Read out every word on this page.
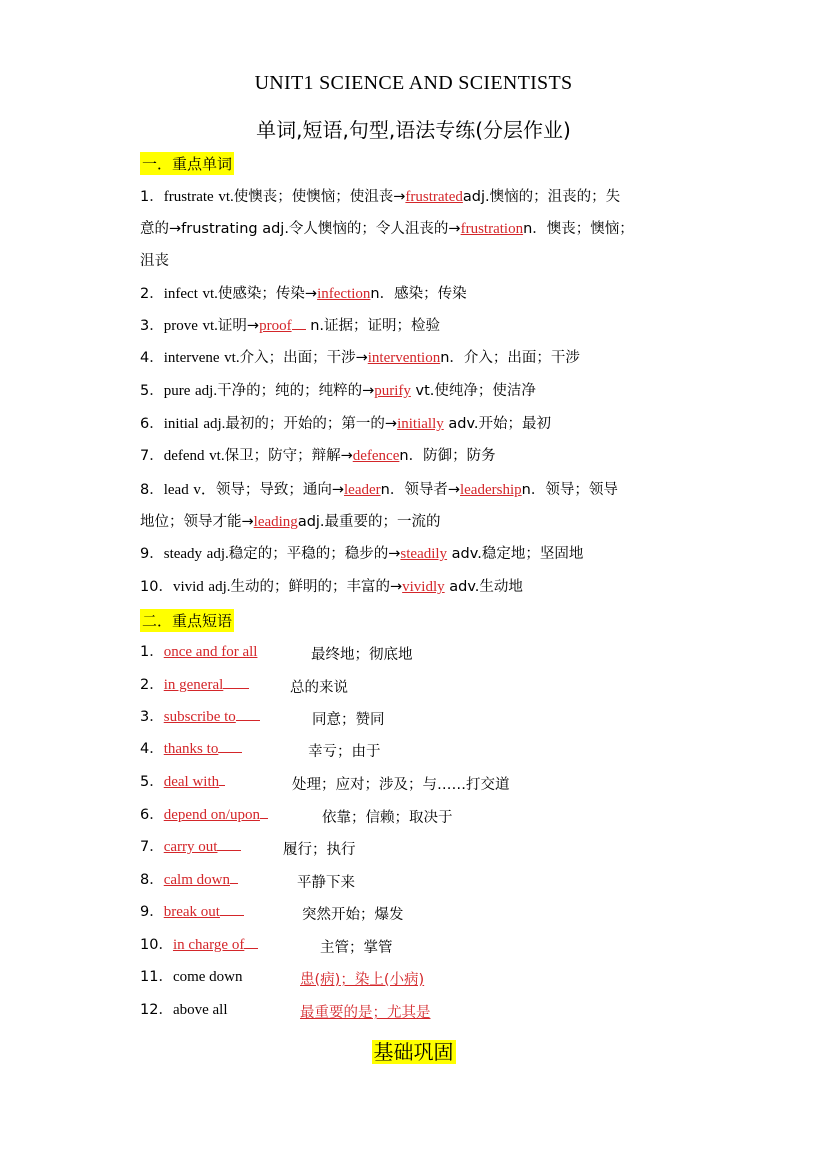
UNIT1 SCIENCE AND SCIENTISTS
单词,短语,句型,语法专练(分层作业)
一．重点单词
1．frustrate vt.使懊丧；使懊恼；使沮丧→frustratedadj.懊恼的；沮丧的；失
意的→frustrating adj.令人懊恼的；令人沮丧的→frustrationn．懊丧；懊恼；
沮丧
2．infect vt.使感染；传染→infectionn．感染；传染
3．prove vt.证明→proof n.证据；证明；检验
4．intervene vt.介入；出面；干涉→interventionn．介入；出面；干涉
5．pure adj.干净的；纯的；纯粹的→purify vt.使纯净；使洁净
6．initial adj.最初的；开始的；第一的→initially adv.开始；最初
7．defend vt.保卫；防守；辩解→defencen．防御；防务
8．lead v．领导；导致；通向→leadern．领导者→leadershipn．领导；领导
地位；领导才能→leadingadj.最重要的；一流的
9．steady adj.稳定的；平稳的；稳步的→steadily adv.稳定地；坚固地
10．vivid adj.生动的；鲜明的；丰富的→vividly adv.生动地
二．重点短语
1．once and for all	最终地；彻底地
2．in general	总的来说
3．subscribe to	同意；赞同
4．thanks to	幸亏；由于
5．deal with	处理；应对；涉及；与……打交道
6．depend on/upon	依靠；信赖；取决于
7．carry out	履行；执行
8．calm down	平静下来
9．break out	突然开始；爆发
10．in charge of	主管；掌管
11．come down	患(病)；染上(小病)
12．above all	最重要的是；尤其是
基础巩固
